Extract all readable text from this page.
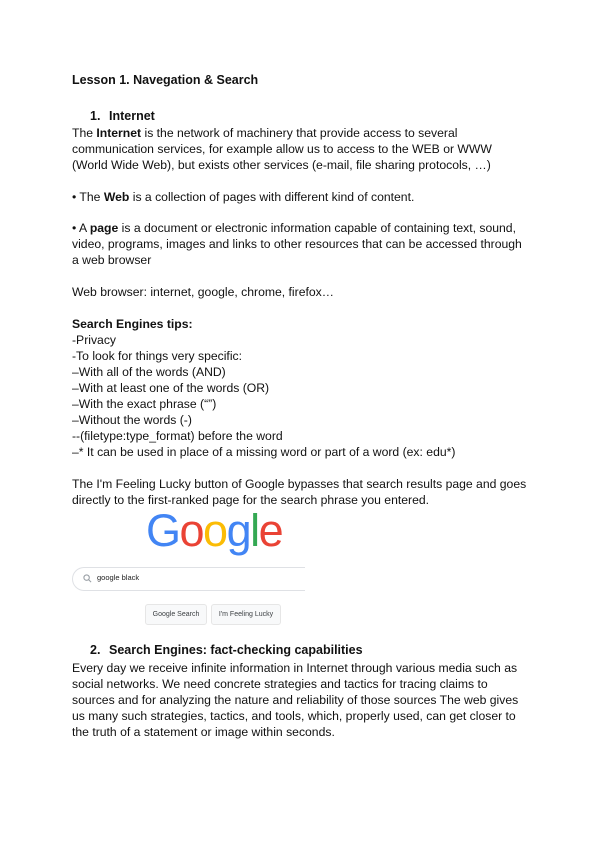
Lesson 1. Navegation & Search
1. Internet
The Internet is the network of machinery that provide access to several
communication services, for example allow us to access to the WEB or WWW
(World Wide Web), but exists other services (e-mail, file sharing protocols, …)
• The Web is a collection of pages with different kind of content.
• A page is a document or electronic information capable of containing text, sound,
video, programs, images and links to other resources that can be accessed through
a web browser
Web browser: internet, google, chrome, firefox…
Search Engines tips:
-Privacy
-To look for things very specific:
–With all of the words (AND)
–With at least one of the words (OR)
–With the exact phrase (“”)
–Without the words (-)
--(filetype:type_format) before the word
–* It can be used in place of a missing word or part of a word (ex: edu*)
The I'm Feeling Lucky button of Google bypasses that search results page and goes
directly to the first-ranked page for the search phrase you entered.
Google
google black
Google Search	I'm Feeling Lucky
2. Search Engines: fact-checking capabilities
Every day we receive infinite information in Internet through various media such as
social networks. We need concrete strategies and tactics for tracing claims to
sources and for analyzing the nature and reliability of those sources The web gives
us many such strategies, tactics, and tools, which, properly used, can get closer to
the truth of a statement or image within seconds.
